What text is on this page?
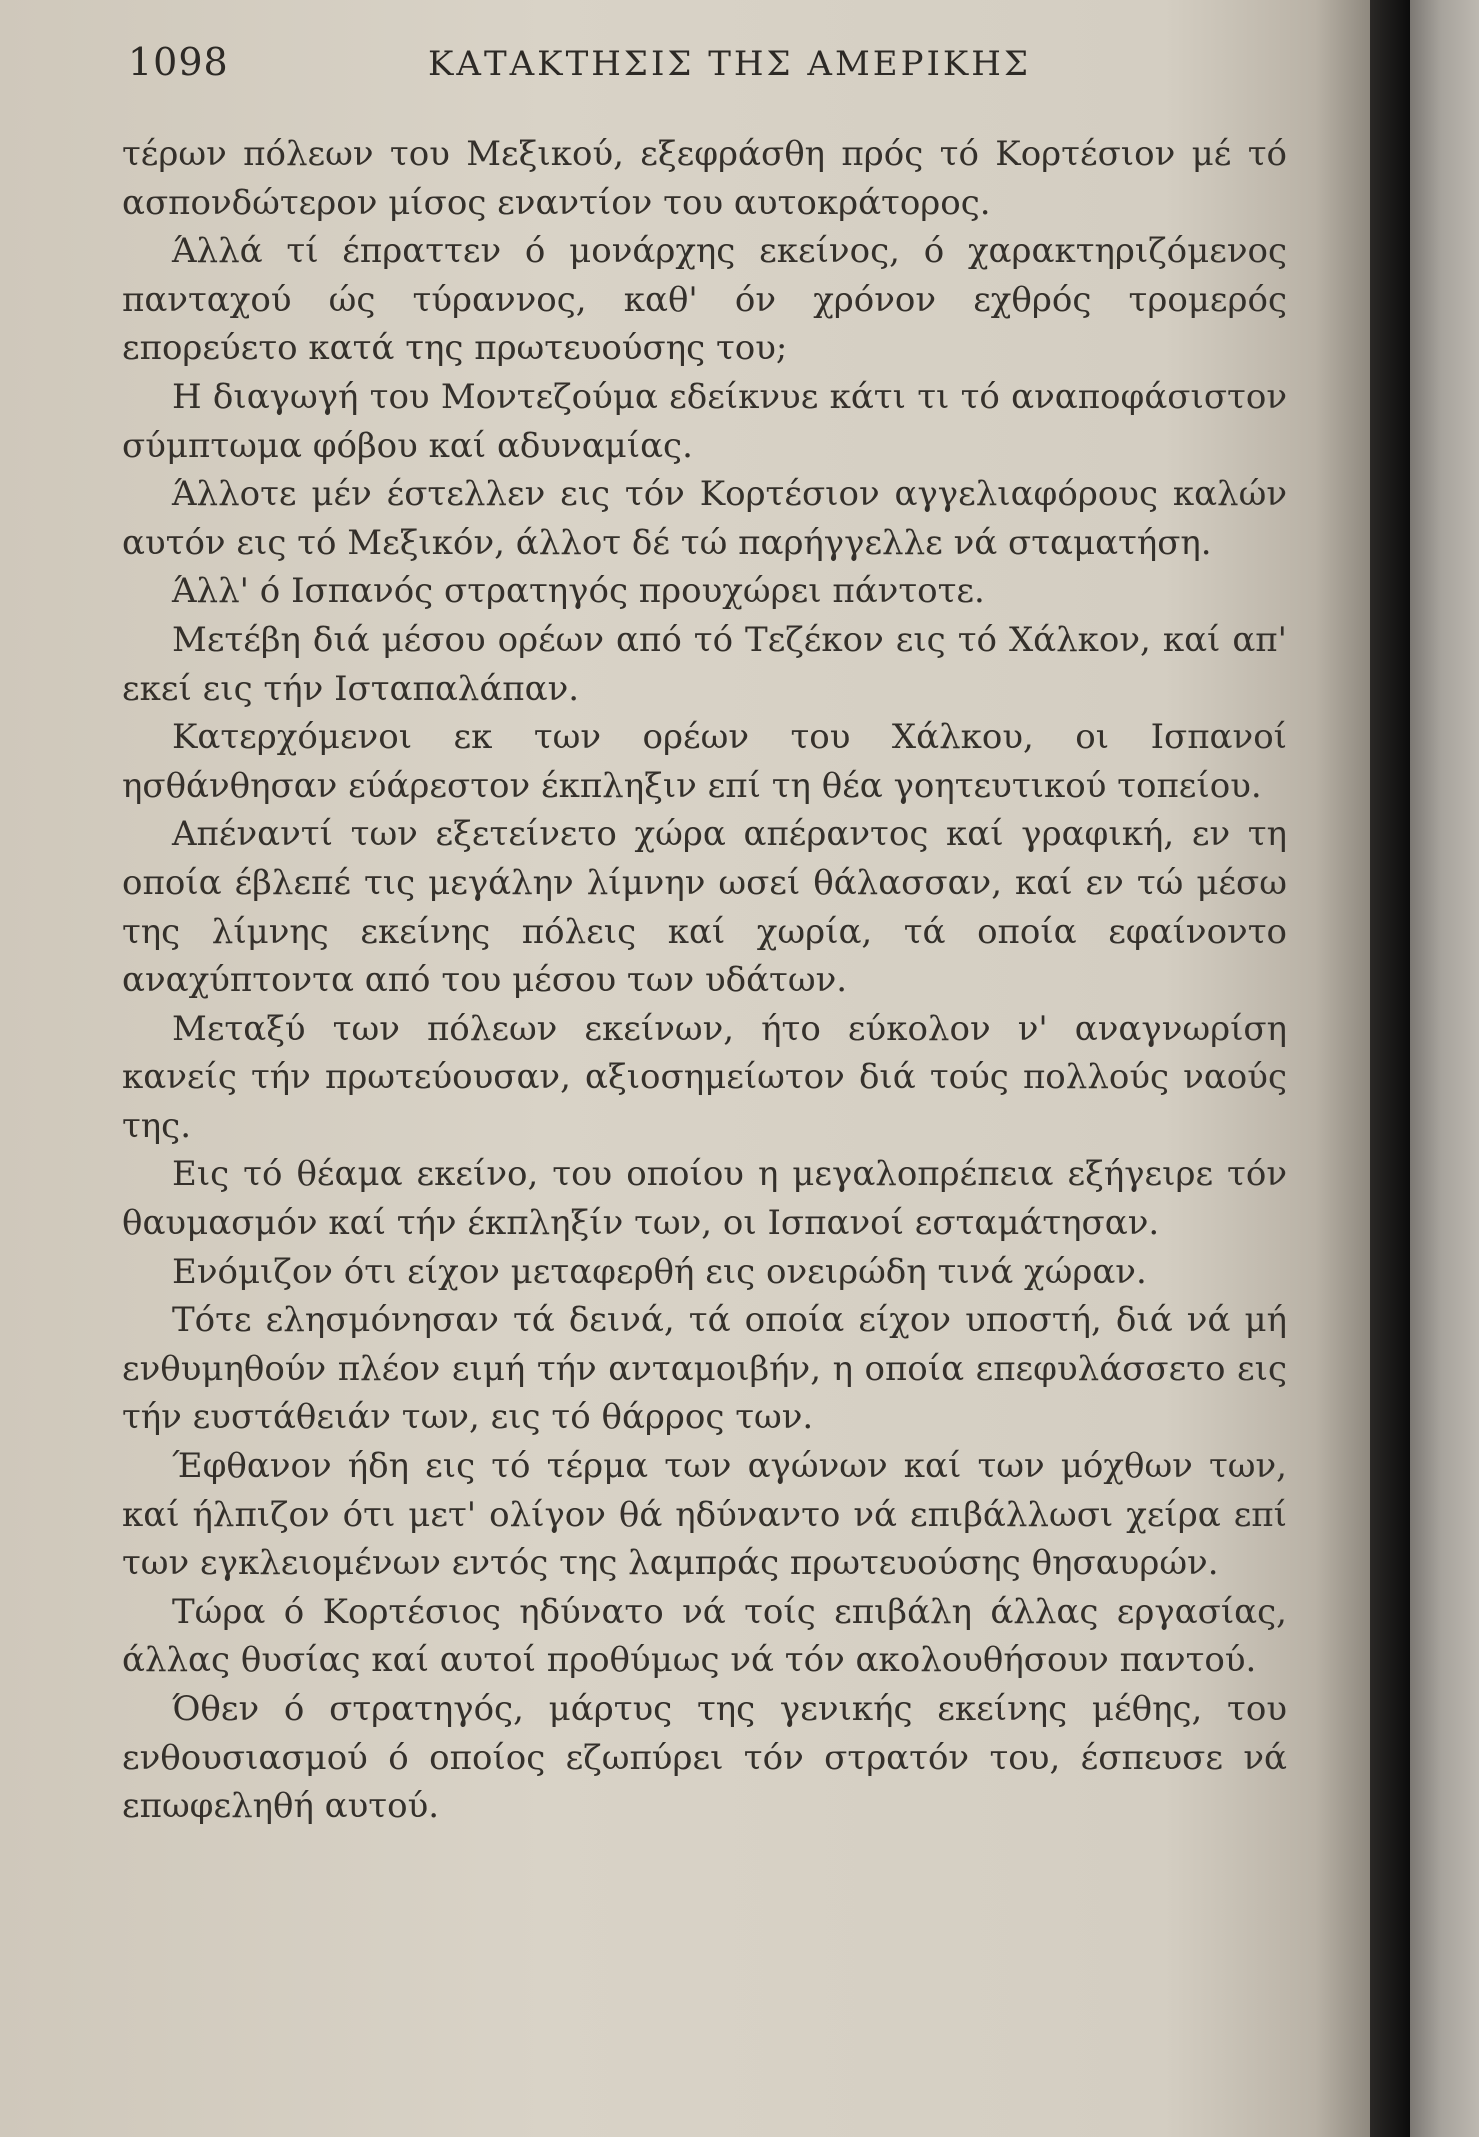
1098	ΚΑΤΑΚΤΗΣΙΣ ΤΗΣ ΑΜΕΡΙΚΗΣ

τέρων πόλεων του Μεξικού, εξεφράσθη πρός τό Κορτέσιον μέ τό ασπονδώτερον μίσος εναντίον του αυτοκράτορος.

Άλλά τί έπραττεν ό μονάρχης εκείνος, ό χαρακτηριζόμενος πανταχού ώς τύραννος, καθ' όν χρόνον εχθρός τρομερός επορεύετο κατά της πρωτευούσης του;

Η διαγωγή του Μοντεζούμα εδείκνυε κάτι τι τό αναποφάσιστον σύμπτωμα φόβου καί αδυναμίας.

Άλλοτε μέν έστελλεν εις τόν Κορτέσιον αγγελιαφόρους καλών αυτόν εις τό Μεξικόν, άλλοτ δέ τώ παρήγγελλε νά σταματήση.

Άλλ' ό Ισπανός στρατηγός προυχώρει πάντοτε.

Μετέβη διά μέσου ορέων από τό Τεζέκον εις τό Χάλκον, καί απ' εκεί εις τήν Ισταπαλάπαν.

Κατερχόμενοι εκ των ορέων του Χάλκου, οι Ισπανοί ησθάνθησαν εύάρεστον έκπληξιν επί τη θέα γοητευτικού τοπείου.

Απέναντί των εξετείνετο χώρα απέραντος καί γραφική, εν τη οποία έβλεπέ τις μεγάλην λίμνην ωσεί θάλασσαν, καί εν τώ μέσω της λίμνης εκείνης πόλεις καί χωρία, τά οποία εφαίνοντο αναχύπτοντα από του μέσου των υδάτων.

Μεταξύ των πόλεων εκείνων, ήτο εύκολον ν' αναγνωρίση κανείς τήν πρωτεύουσαν, αξιοσημείωτον διά τούς πολλούς ναούς της.

Εις τό θέαμα εκείνο, του οποίου η μεγαλοπρέπεια εξήγειρε τόν θαυμασμόν καί τήν έκπληξίν των, οι Ισπανοί εσταμάτησαν.

Ενόμιζον ότι είχον μεταφερθή εις ονειρώδη τινά χώραν.

Τότε ελησμόνησαν τά δεινά, τά οποία είχον υποστή, διά νά μή ενθυμηθούν πλέον ειμή τήν ανταμοιβήν, η οποία επεφυλάσσετο εις τήν ευστάθειάν των, εις τό θάρρος των.

Έφθανον ήδη εις τό τέρμα των αγώνων καί των μόχθων των, καί ήλπιζον ότι μετ' ολίγον θά ηδύναντο νά επιβάλλωσι χείρα επί των εγκλειομένων εντός της λαμπράς πρωτευούσης θησαυρών.

Τώρα ό Κορτέσιος ηδύνατο νά τοίς επιβάλη άλλας εργασίας, άλλας θυσίας καί αυτοί προθύμως νά τόν ακολουθήσουν παντού.

Όθεν ό στρατηγός, μάρτυς της γενικής εκείνης μέθης, του ενθουσιασμού ό οποίος εζωπύρει τόν στρατόν του, έσπευσε νά επωφεληθή αυτού.
